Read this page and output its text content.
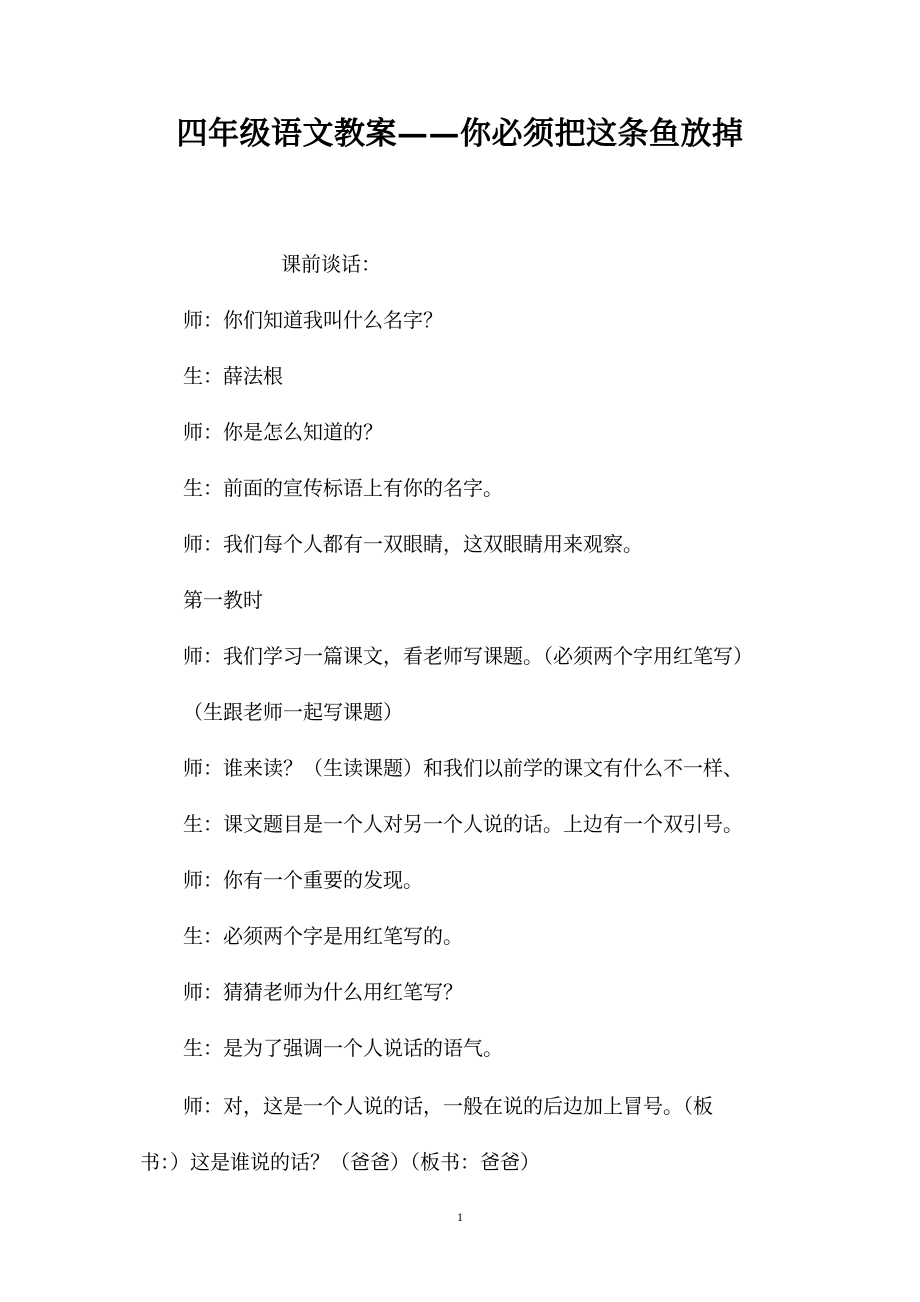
四年级语文教案——你必须把这条鱼放掉
课前谈话：
师：你们知道我叫什么名字？
生：薛法根
师：你是怎么知道的？
生：前面的宣传标语上有你的名字。
师：我们每个人都有一双眼睛，这双眼睛用来观察。
第一教时
师：我们学习一篇课文，看老师写课题。（必须两个字用红笔写）
（生跟老师一起写课题）
师：谁来读？（生读课题）和我们以前学的课文有什么不一样、
生：课文题目是一个人对另一个人说的话。上边有一个双引号。
师：你有一个重要的发现。
生：必须两个字是用红笔写的。
师：猜猜老师为什么用红笔写？
生：是为了强调一个人说话的语气。
师：对，这是一个人说的话，一般在说的后边加上冒号。（板
书：）这是谁说的话？（爸爸）（板书：爸爸）
1
